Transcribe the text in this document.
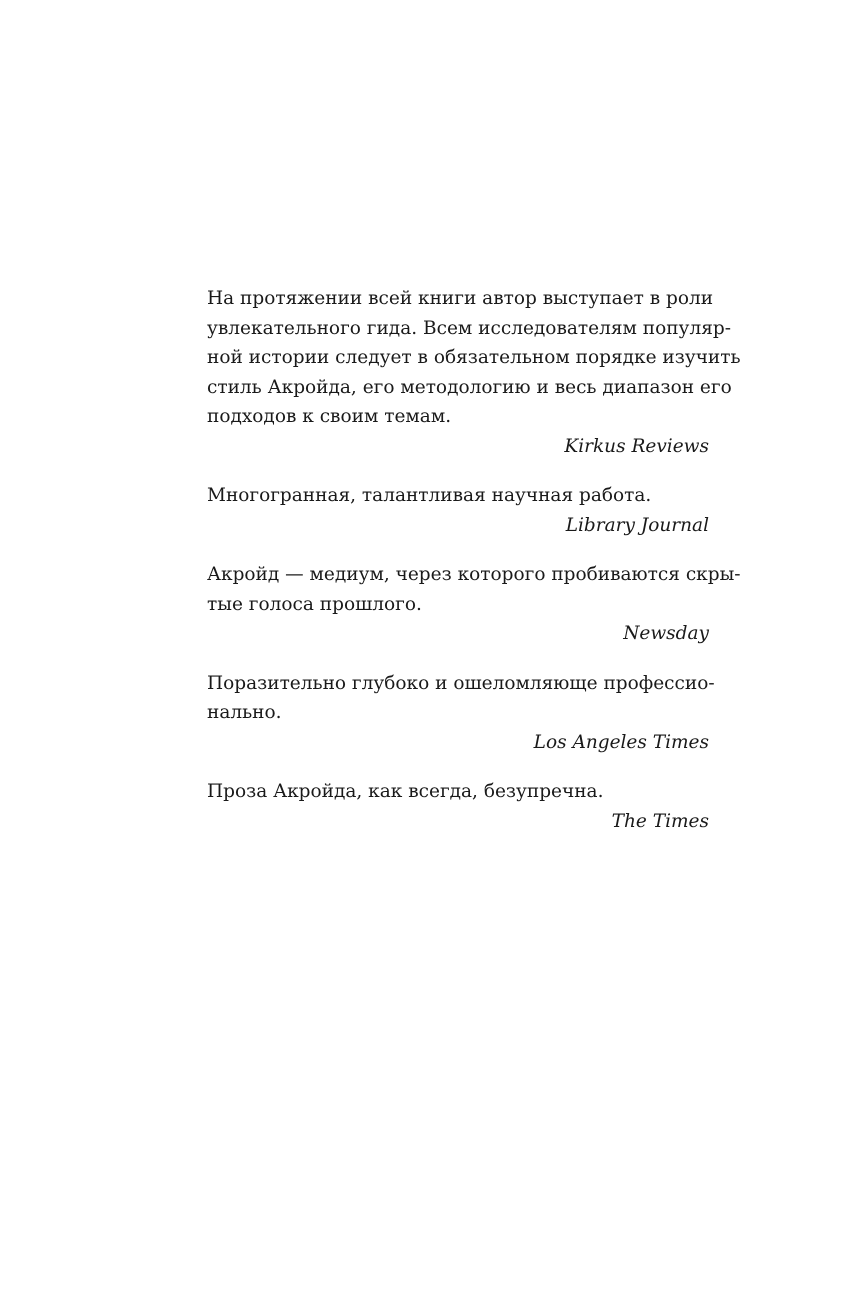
На протяжении всей книги автор выступает в роли
увлекательного гида. Всем исследователям популяр-
ной истории следует в обязательном порядке изучить
стиль Акройда, его методологию и весь диапазон его
подходов к своим темам.

Kirkus Reviews

Многогранная, талантливая научная работа.

Library Journal

Акройд — медиум, через которого пробиваются скры-
тые голоса прошлого.

Newsday

Поразительно глубоко и ошеломляюще профессио-
нально.

Los Angeles Times

Проза Акройда, как всегда, безупречна.

The Times
